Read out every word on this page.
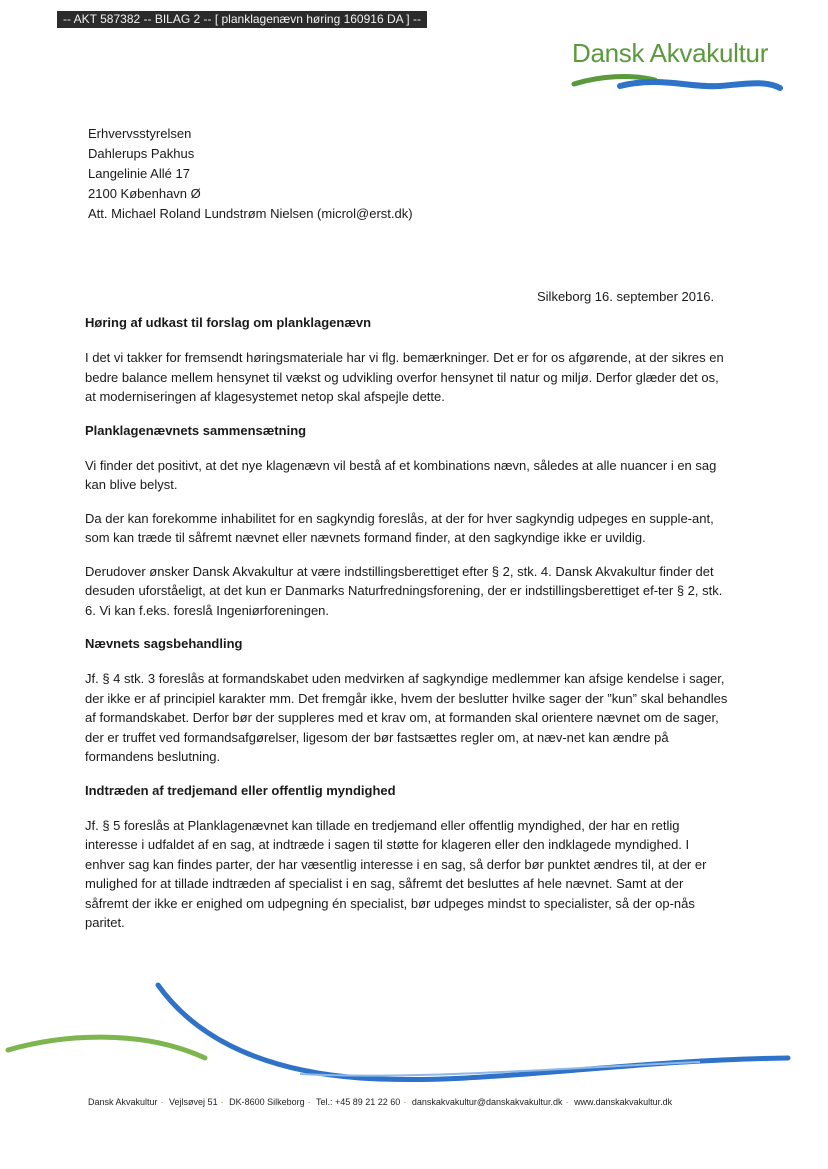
-- AKT 587382 -- BILAG 2 -- [ planklagenævn høring 160916 DA ] --
Dansk Akvakultur
Erhvervsstyrelsen
Dahlerups Pakhus
Langelinie Allé 17
2100 København Ø
Att. Michael Roland Lundstrøm Nielsen (microl@erst.dk)
Silkeborg 16. september 2016.
Høring af udkast til forslag om planklagenævn

I det vi takker for fremsendt høringsmateriale har vi flg. bemærkninger. Det er for os afgørende, at der sikres en bedre balance mellem hensynet til vækst og udvikling overfor hensynet til natur og miljø. Derfor glæder det os, at moderniseringen af klagesystemet netop skal afspejle dette.

Planklagenævnets sammensætning

Vi finder det positivt, at det nye klagenævn vil bestå af et kombinations nævn, således at alle nuancer i en sag kan blive belyst.

Da der kan forekomme inhabilitet for en sagkyndig foreslås, at der for hver sagkyndig udpeges en supple-ant, som kan træde til såfremt nævnet eller nævnets formand finder, at den sagkyndige ikke er uvildig.

Derudover ønsker Dansk Akvakultur at være indstillingsberettiget efter § 2, stk. 4. Dansk Akvakultur finder det desuden uforståeligt, at det kun er Danmarks Naturfredningsforening, der er indstillingsberettiget ef-ter § 2, stk. 6. Vi kan f.eks. foreslå Ingeniørforeningen.

Nævnets sagsbehandling

Jf. § 4 stk. 3 foreslås at formandskabet uden medvirken af sagkyndige medlemmer kan afsige kendelse i sager, der ikke er af principiel karakter mm. Det fremgår ikke, hvem der beslutter hvilke sager der ”kun” skal behandles af formandskabet. Derfor bør der suppleres med et krav om, at formanden skal orientere nævnet om de sager, der er truffet ved formandsafgørelser, ligesom der bør fastsættes regler om, at næv-net kan ændre på formandens beslutning.

Indtræden af tredjemand eller offentlig myndighed

Jf. § 5 foreslås at Planklagenævnet kan tillade en tredjemand eller offentlig myndighed, der har en retlig interesse i udfaldet af en sag, at indtræde i sagen til støtte for klageren eller den indklagede myndighed. I enhver sag kan findes parter, der har væsentlig interesse i en sag, så derfor bør punktet ændres til, at der er mulighed for at tillade indtræden af specialist i en sag, såfremt det besluttes af hele nævnet. Samt at der såfremt der ikke er enighed om udpegning én specialist, bør udpeges mindst to specialister, så der op-nås paritet.

Dansk Akvakultur · Vejlsøvej 51 · DK-8600 Silkeborg · Tel.: +45 89 21 22 60 · danskakvakultur@danskakvakultur.dk · www.danskakvakultur.dk
